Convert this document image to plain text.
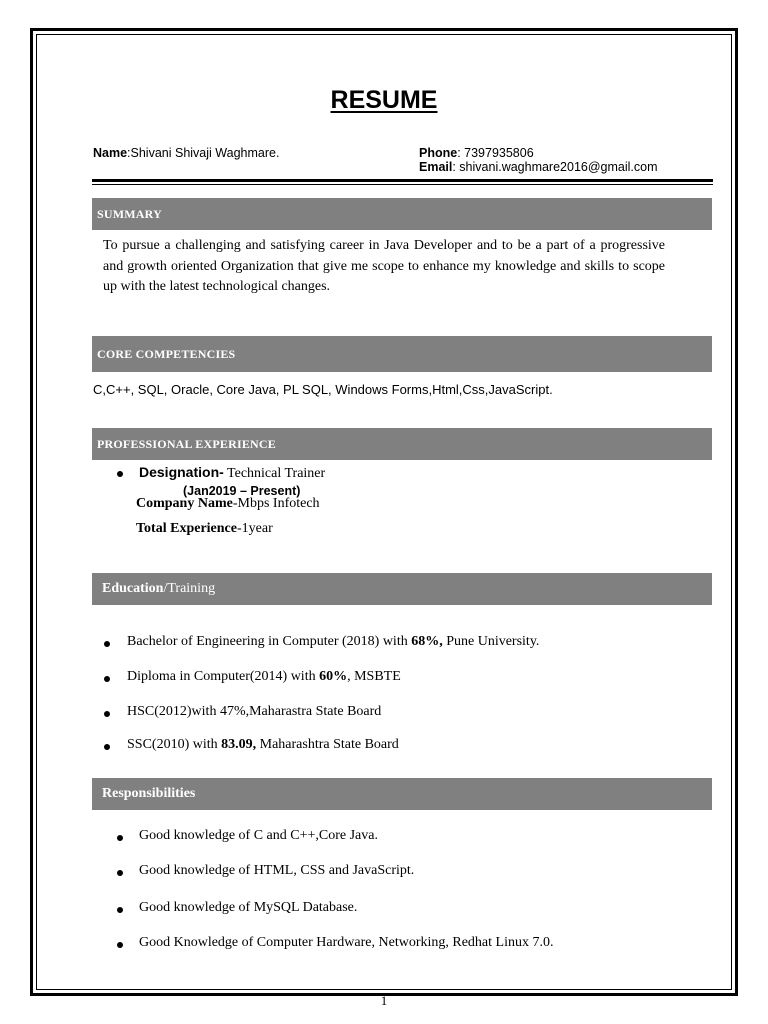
RESUME
Name:Shivani Shivaji Waghmare.	Phone: 7397935806
Email: shivani.waghmare2016@gmail.com
SUMMARY
To pursue a challenging and satisfying career in Java Developer and to be a part of a progressive and growth oriented Organization that give me scope to enhance my knowledge and skills to scope up with the latest technological changes.
CORE COMPETENCIES
C,C++, SQL, Oracle, Core Java, PL SQL, Windows Forms,Html,Css,JavaScript.
PROFESSIONAL EXPERIENCE
Designation- Technical Trainer
(Jan2019 – Present)
Company Name-Mbps Infotech
Total Experience-1year
Education /Training
Bachelor of Engineering in Computer (2018) with 68%, Pune University.
Diploma in Computer(2014) with 60%, MSBTE
HSC(2012)with 47%,Maharastra State Board
SSC(2010) with 83.09, Maharashtra State Board
Responsibilities
Good knowledge of C and C++,Core Java.
Good knowledge of HTML, CSS and JavaScript.
Good knowledge of MySQL Database.
Good Knowledge of Computer Hardware, Networking, Redhat Linux 7.0.
1
